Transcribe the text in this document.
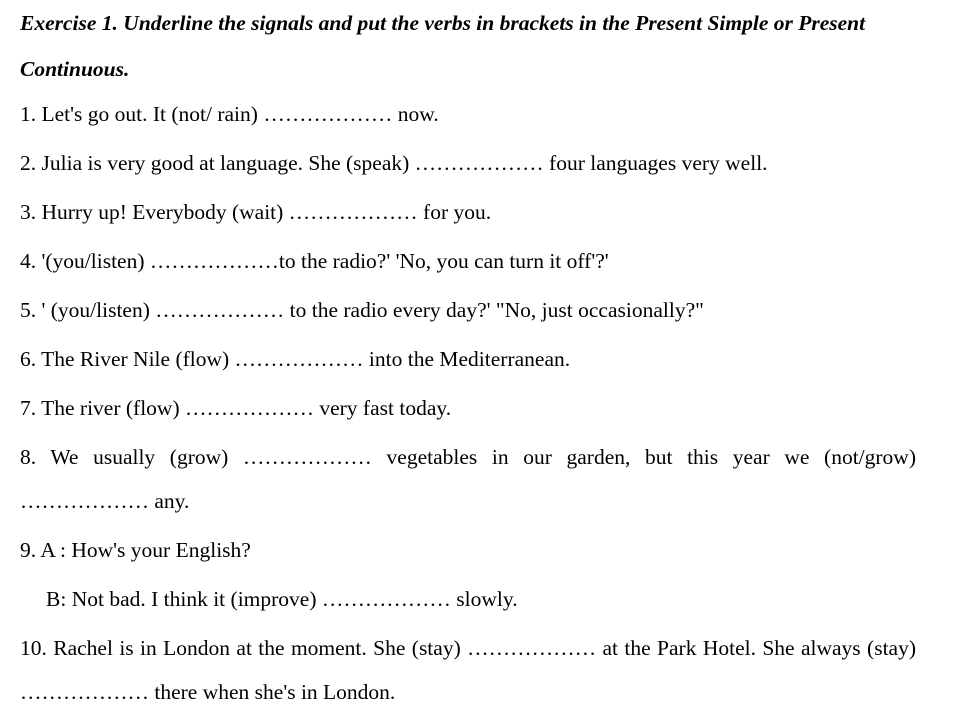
Exercise 1. Underline the signals and put the verbs in brackets in the Present Simple or Present Continuous.

1. Let's go out. It (not/ rain) ……………… now.

2. Julia is very good at language. She (speak) ……………… four languages very well.

3. Hurry up! Everybody (wait) ……………… for you.

4. '(you/listen) ………………to the radio?' 'No, you can turn it off'?'

5. ' (you/listen) ……………… to the radio every day?' "No, just occasionally?"

6. The River Nile (flow) ……………… into the Mediterranean.

7. The river (flow) ……………… very fast today.

8. We usually (grow) ……………… vegetables in our garden, but this year we (not/grow) ……………… any.

9. A : How's your English?

B: Not bad. I think it (improve) ……………… slowly.

10. Rachel is in London at the moment. She (stay) ……………… at the Park Hotel. She always (stay) ……………… there when she's in London.
